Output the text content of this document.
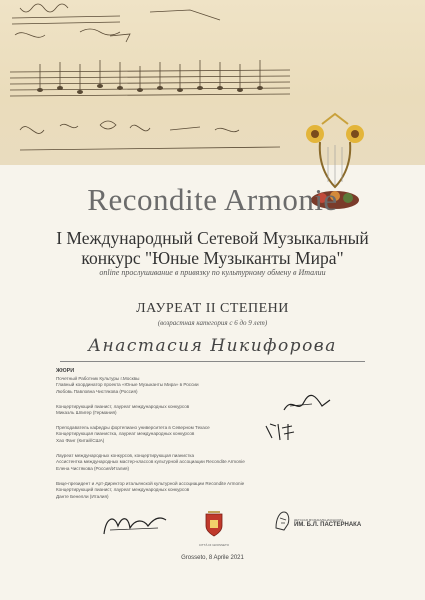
Recondite Armonie
I Международный Сетевой Музыкальный
конкурс "Юные Музыканты Мира"
online прослушивание в привязку по культурному обмену в Италии
ЛАУРЕАТ II СТЕПЕНИ
(возрастная категория с 6 до 9 лет)
Анастасия Никифорова
ЖЮРИ
Почетный Работник Культуры г.Москвы
Главный координатор проекта «Юные Музыканты Мира» в России
Любовь Павловна Чистякова (Россия)
Концертирующий пианист, лауреат международных конкурсов
Микаэль Шпигер (Германия)
Преподаватель кафедры фортепиано университета в Северном Техасе
Концертирующая пианистка, лауреат международных конкурсов
Хао Фанг (Китай/США)
Лауреат международных конкурсов, концертирующая пианистка
Ассистентка международных мастер-классов культурной ассоциации Recondite Armonie
Елена Чистякова (Россия/Италия)
Вице-президент и Арт-Директор итальянской культурной ассоциации Recondite Armonie
Концертирующий пианист, лауреат международных конкурсов
Данте Бенелли (Италия)
CITTÀ DI GROSSETO
ДЕТСКАЯ МУЗЫКАЛЬНАЯ ШКОЛА
ИМ. Б.Л. ПАСТЕРНАКА
Grosseto, 8 Aprile 2021
